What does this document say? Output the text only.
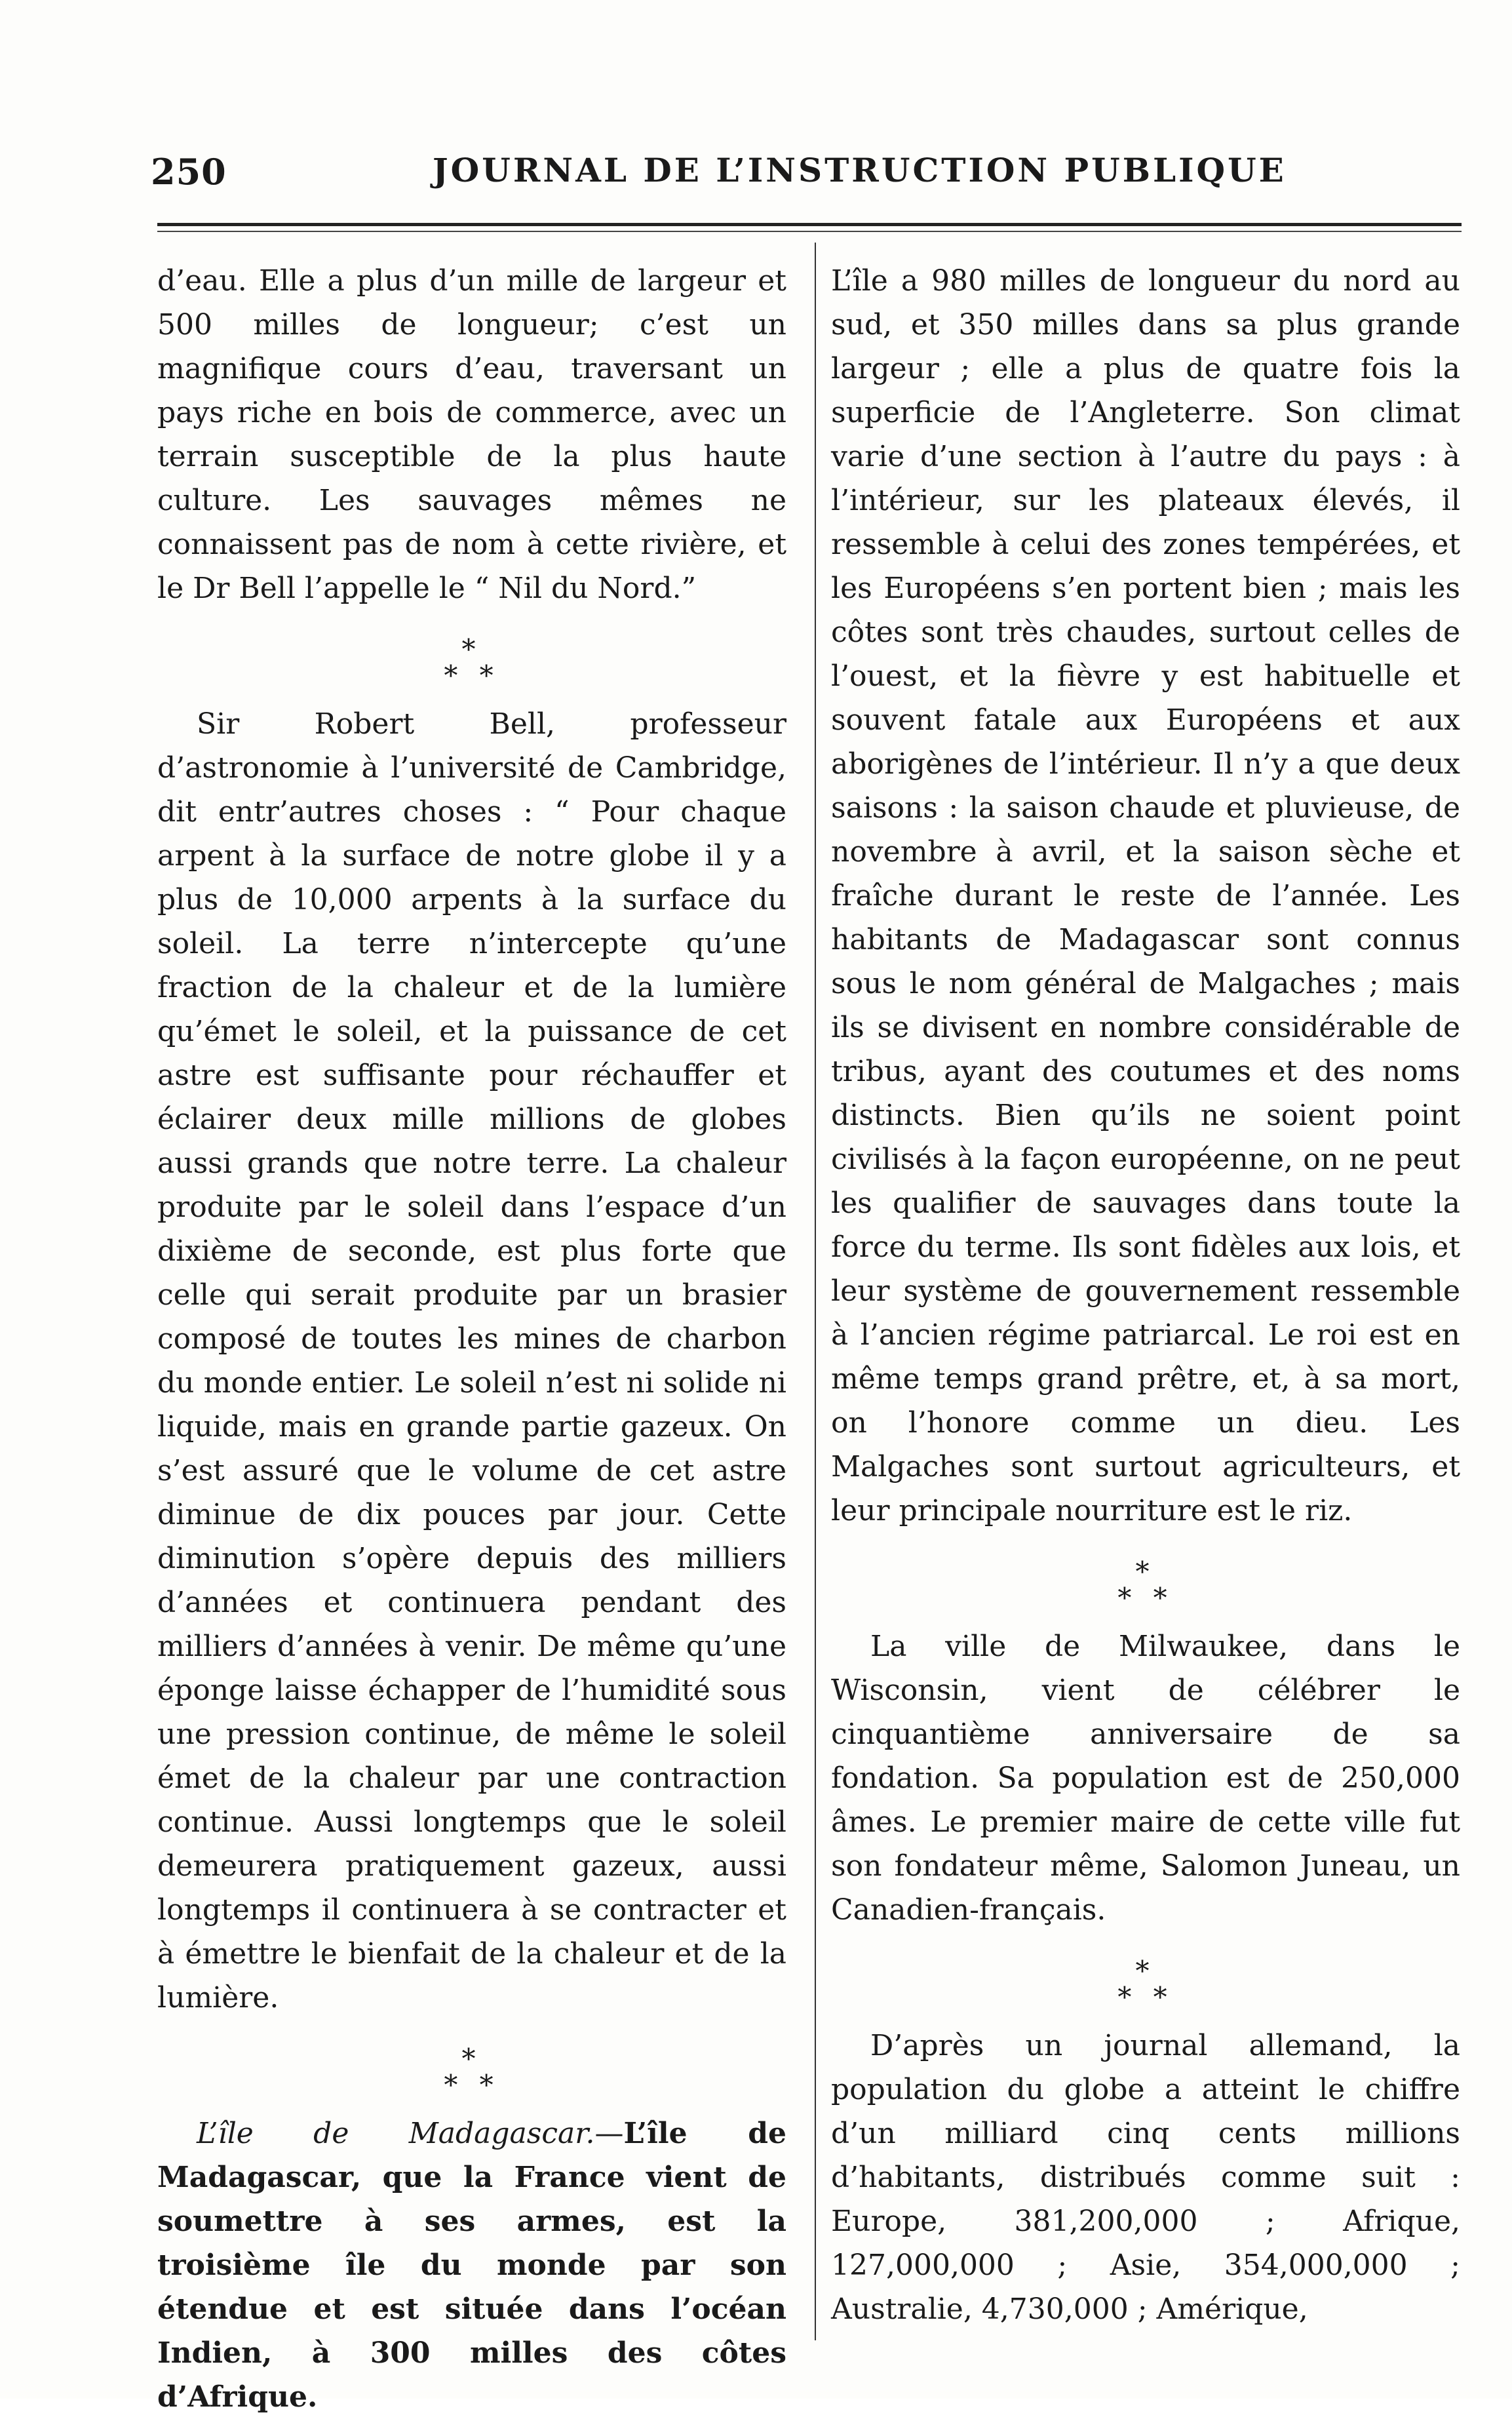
250	JOURNAL DE L’INSTRUCTION PUBLIQUE

d’eau. Elle a plus d’un mille de largeur et 500 milles de longueur; c’est un magnifique cours d’eau, traversant un pays riche en bois de commerce, avec un terrain susceptible de la plus haute culture. Les sauvages mêmes ne connaissent pas de nom à cette rivière, et le Dr Bell l’appelle le “ Nil du Nord.”

*
* *

Sir Robert Bell, professeur d’astronomie à l’université de Cambridge, dit entr’autres choses : “ Pour chaque arpent à la surface de notre globe il y a plus de 10,000 arpents à la surface du soleil. La terre n’intercepte qu’une fraction de la chaleur et de la lumière qu’émet le soleil, et la puissance de cet astre est suffisante pour réchauffer et éclairer deux mille millions de globes aussi grands que notre terre. La chaleur produite par le soleil dans l’espace d’un dixième de seconde, est plus forte que celle qui serait produite par un brasier composé de toutes les mines de charbon du monde entier. Le soleil n’est ni solide ni liquide, mais en grande partie gazeux. On s’est assuré que le volume de cet astre diminue de dix pouces par jour. Cette diminution s’opère depuis des milliers d’années et continuera pendant des milliers d’années à venir. De même qu’une éponge laisse échapper de l’humidité sous une pression continue, de même le soleil émet de la chaleur par une contraction continue. Aussi longtemps que le soleil demeurera pratiquement gazeux, aussi longtemps il continuera à se contracter et à émettre le bienfait de la chaleur et de la lumière.

*
* *

L’île de Madagascar.—L’île de Madagascar, que la France vient de soumettre à ses armes, est la troisième île du monde par son étendue et est située dans l’océan Indien, à 300 milles des côtes d’Afrique.

L’île a 980 milles de longueur du nord au sud, et 350 milles dans sa plus grande largeur ; elle a plus de quatre fois la superficie de l’Angleterre. Son climat varie d’une section à l’autre du pays : à l’intérieur, sur les plateaux élevés, il ressemble à celui des zones tempérées, et les Européens s’en portent bien ; mais les côtes sont très chaudes, surtout celles de l’ouest, et la fièvre y est habituelle et souvent fatale aux Européens et aux aborigènes de l’intérieur. Il n’y a que deux saisons : la saison chaude et pluvieuse, de novembre à avril, et la saison sèche et fraîche durant le reste de l’année. Les habitants de Madagascar sont connus sous le nom général de Malgaches ; mais ils se divisent en nombre considérable de tribus, ayant des coutumes et des noms distincts. Bien qu’ils ne soient point civilisés à la façon européenne, on ne peut les qualifier de sauvages dans toute la force du terme. Ils sont fidèles aux lois, et leur système de gouvernement ressemble à l’ancien régime patriarcal. Le roi est en même temps grand prêtre, et, à sa mort, on l’honore comme un dieu. Les Malgaches sont surtout agriculteurs, et leur principale nourriture est le riz.

*
* *

La ville de Milwaukee, dans le Wisconsin, vient de célébrer le cinquantième anniversaire de sa fondation. Sa population est de 250,000 âmes. Le premier maire de cette ville fut son fondateur même, Salomon Juneau, un Canadien-français.

*
* *

D’après un journal allemand, la population du globe a atteint le chiffre d’un milliard cinq cents millions d’habitants, distribués comme suit : Europe, 381,200,000 ; Afrique, 127,000,000 ; Asie, 354,000,000 ; Australie, 4,730,000 ; Amérique,
